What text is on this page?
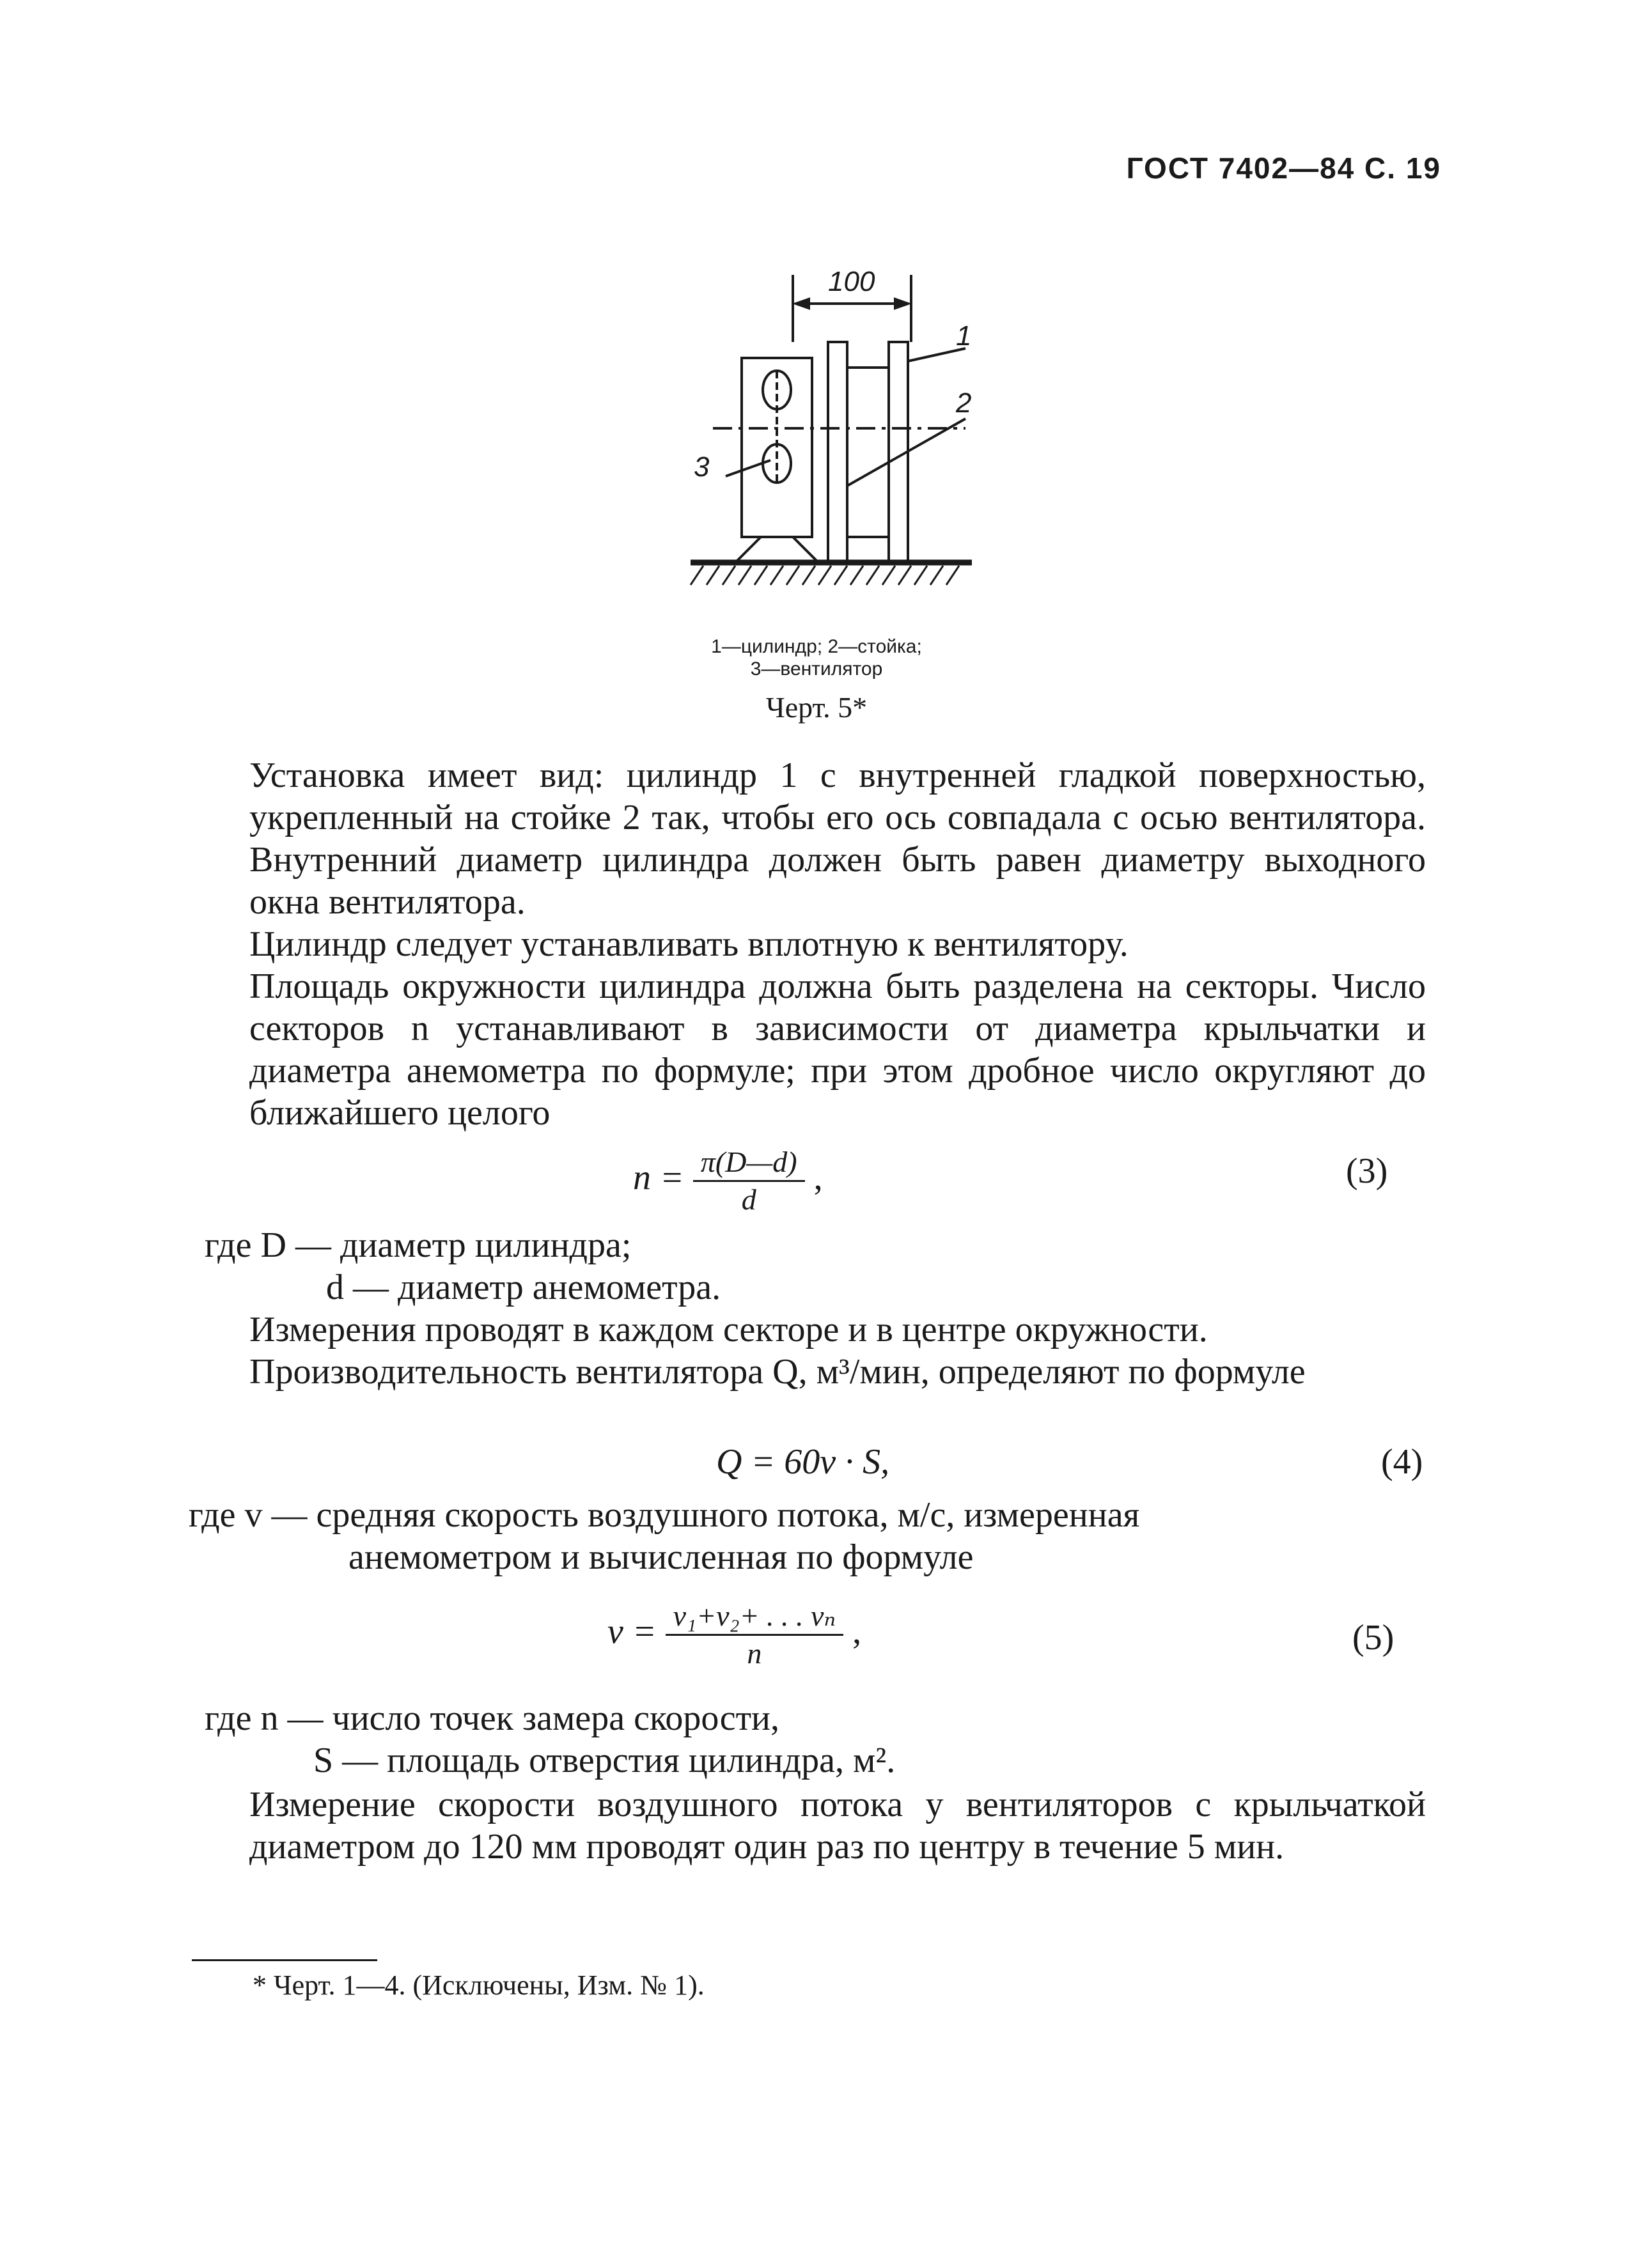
ГОСТ 7402—84 С. 19
100
1
2
3
1—цилиндр; 2—стойка;
3—вентилятор
Черт. 5*
Установка имеет вид: цилиндр 1 с внутренней гладкой поверхностью, укрепленный на стойке 2 так, чтобы его ось совпадала с осью вентилятора. Внутренний диаметр цилиндра должен быть равен диаметру выходного окна вентилятора.
Цилиндр следует устанавливать вплотную к вентилятору.
Площадь окружности цилиндра должна быть разделена на секторы. Число секторов n устанавливают в зависимости от диаметра крыльчатки и диаметра анемометра по формуле; при этом дробное число округляют до ближайшего целого
$n = \frac{\pi(D—d)}{d}$ ,	(3)
где D — диаметр цилиндра;
d — диаметр анемометра.
Измерения проводят в каждом секторе и в центре окружности.
Производительность вентилятора Q, м³/мин, определяют по формуле
Q = 60v · S,	(4)
где v — средняя скорость воздушного потока, м/с, измеренная
анемометром и вычисленная по формуле
$v = \frac{\text{v₁+v₂+ . . . vₙ}}{n}$ ,	(5)
где n — число точек замера скорости,
S — площадь отверстия цилиндра, м².
Измерение скорости воздушного потока у вентиляторов с крыльчаткой диаметром до 120 мм проводят один раз по центру в течение 5 мин.
* Черт. 1—4. (Исключены, Изм. № 1).
